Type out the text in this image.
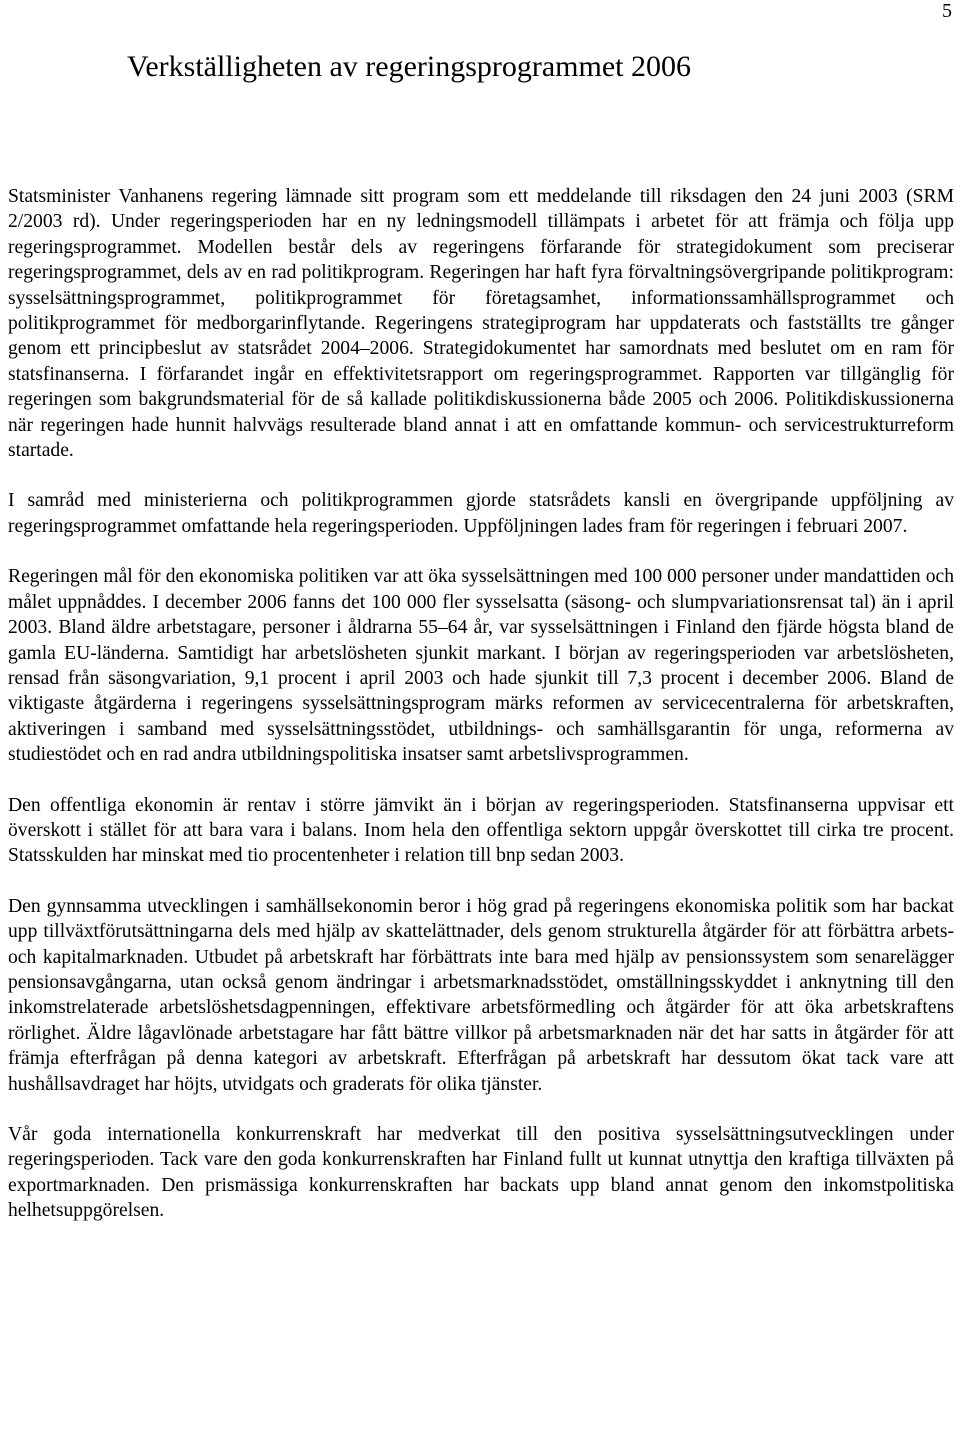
5
Verkställigheten av regeringsprogrammet 2006

Statsminister Vanhanens regering lämnade sitt program som ett meddelande till riksdagen den 24 juni 2003 (SRM 2/2003 rd). Under regeringsperioden har en ny ledningsmodell tillämpats i arbetet för att främja och följa upp regeringsprogrammet. Modellen består dels av regeringens förfarande för strategidokument som preciserar regeringsprogrammet, dels av en rad politikprogram. Regeringen har haft fyra förvaltningsövergripande politikprogram: sysselsättningsprogrammet, politikprogrammet för företagsamhet, informationssamhällsprogrammet och politikprogrammet för medborgarinflytande. Regeringens strategiprogram har uppdaterats och fastställts tre gånger genom ett principbeslut av statsrådet 2004–2006. Strategidokumentet har samordnats med beslutet om en ram för statsfinanserna. I förfarandet ingår en effektivitetsrapport om regeringsprogrammet. Rapporten var tillgänglig för regeringen som bakgrundsmaterial för de så kallade politikdiskussionerna både 2005 och 2006. Politikdiskussionerna när regeringen hade hunnit halvvägs resulterade bland annat i att en omfattande kommun- och servicestrukturreform startade.

I samråd med ministerierna och politikprogrammen gjorde statsrådets kansli en övergripande uppföljning av regeringsprogrammet omfattande hela regeringsperioden. Uppföljningen lades fram för regeringen i februari 2007.

Regeringen mål för den ekonomiska politiken var att öka sysselsättningen med 100 000 personer under mandattiden och målet uppnåddes. I december 2006 fanns det 100 000 fler sysselsatta (säsong- och slumpvariationsrensat tal) än i april 2003. Bland äldre arbetstagare, personer i åldrarna 55–64 år, var sysselsättningen i Finland den fjärde högsta bland de gamla EU-länderna. Samtidigt har arbetslösheten sjunkit markant. I början av regeringsperioden var arbetslösheten, rensad från säsongvariation, 9,1 procent i april 2003 och hade sjunkit till 7,3 procent i december 2006. Bland de viktigaste åtgärderna i regeringens sysselsättningsprogram märks reformen av servicecentralerna för arbetskraften, aktiveringen i samband med sysselsättningsstödet, utbildnings- och samhällsgarantin för unga, reformerna av studiestödet och en rad andra utbildningspolitiska insatser samt arbetslivsprogrammen.

Den offentliga ekonomin är rentav i större jämvikt än i början av regeringsperioden. Statsfinanserna uppvisar ett överskott i stället för att bara vara i balans. Inom hela den offentliga sektorn uppgår överskottet till cirka tre procent. Statsskulden har minskat med tio procentenheter i relation till bnp sedan 2003.

Den gynnsamma utvecklingen i samhällsekonomin beror i hög grad på regeringens ekonomiska politik som har backat upp tillväxtförutsättningarna dels med hjälp av skattelättnader, dels genom strukturella åtgärder för att förbättra arbets- och kapitalmarknaden. Utbudet på arbetskraft har förbättrats inte bara med hjälp av pensionssystem som senarelägger pensionsavgångarna, utan också genom ändringar i arbetsmarknadsstödet, omställningsskyddet i anknytning till den inkomstrelaterade arbetslöshetsdagpenningen, effektivare arbetsförmedling och åtgärder för att öka arbetskraftens rörlighet. Äldre lågavlönade arbetstagare har fått bättre villkor på arbetsmarknaden när det har satts in åtgärder för att främja efterfrågan på denna kategori av arbetskraft. Efterfrågan på arbetskraft har dessutom ökat tack vare att hushållsavdraget har höjts, utvidgats och graderats för olika tjänster.

Vår goda internationella konkurrenskraft har medverkat till den positiva sysselsättningsutvecklingen under regeringsperioden. Tack vare den goda konkurrenskraften har Finland fullt ut kunnat utnyttja den kraftiga tillväxten på exportmarknaden. Den prismässiga konkurrenskraften har backats upp bland annat genom den inkomstpolitiska helhetsuppgörelsen.
